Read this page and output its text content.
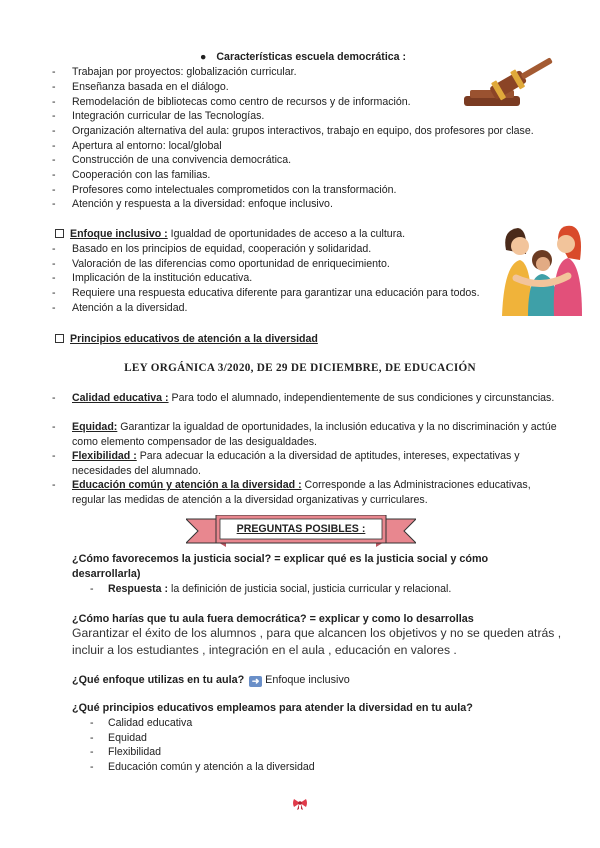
● Características escuela democrática :
- Trabajan por proyectos: globalización curricular.
- Enseñanza basada en el diálogo.
- Remodelación de bibliotecas como centro de recursos y de información.
- Integración curricular de las Tecnologías.
- Organización alternativa del aula: grupos interactivos, trabajo en equipo, dos profesores por clase.
- Apertura al entorno: local/global
- Construcción de una convivencia democrática.
- Cooperación con las familias.
- Profesores como intelectuales comprometidos con la transformación.
- Atención y respuesta a la diversidad: enfoque inclusivo.
Enfoque inclusivo : Igualdad de oportunidades de acceso a la cultura.
- Basado en los principios de equidad, cooperación y solidaridad.
- Valoración de las diferencias como oportunidad de enriquecimiento.
- Implicación de la institución educativa.
- Requiere una respuesta educativa diferente para garantizar una educación para todos.
- Atención a la diversidad.
Principios educativos de atención a la diversidad
LEY ORGÁNICA 3/2020, DE 29 DE DICIEMBRE, DE EDUCACIÓN
- Calidad educativa : Para todo el alumnado, independientemente de sus condiciones y circunstancias.
- Equidad: Garantizar la igualdad de oportunidades, la inclusión educativa y la no discriminación y actúe como elemento compensador de las desigualdades.
- Flexibilidad : Para adecuar la educación a la diversidad de aptitudes, intereses, expectativas y necesidades del alumnado.
- Educación común y atención a la diversidad : Corresponde a las Administraciones educativas, regular las medidas de atención a la diversidad organizativas y curriculares.
PREGUNTAS POSIBLES :
¿Cómo favorecemos la justicia social? = explicar qué es la justicia social y cómo desarrollarla)
- Respuesta : la definición de justicia social, justicia curricular y relacional.
¿Cómo harías que tu aula fuera democrática? = explicar y como lo desarrollas
Garantizar el éxito de los alumnos , para que alcancen los objetivos y no se queden atrás , incluir a los estudiantes , integración en el aula , educación en valores .
¿Qué enfoque utilizas en tu aula? ➜ Enfoque inclusivo
¿Qué principios educativos empleamos para atender la diversidad en tu aula?
- Calidad educativa
- Equidad
- Flexibilidad
- Educación común y atención a la diversidad
